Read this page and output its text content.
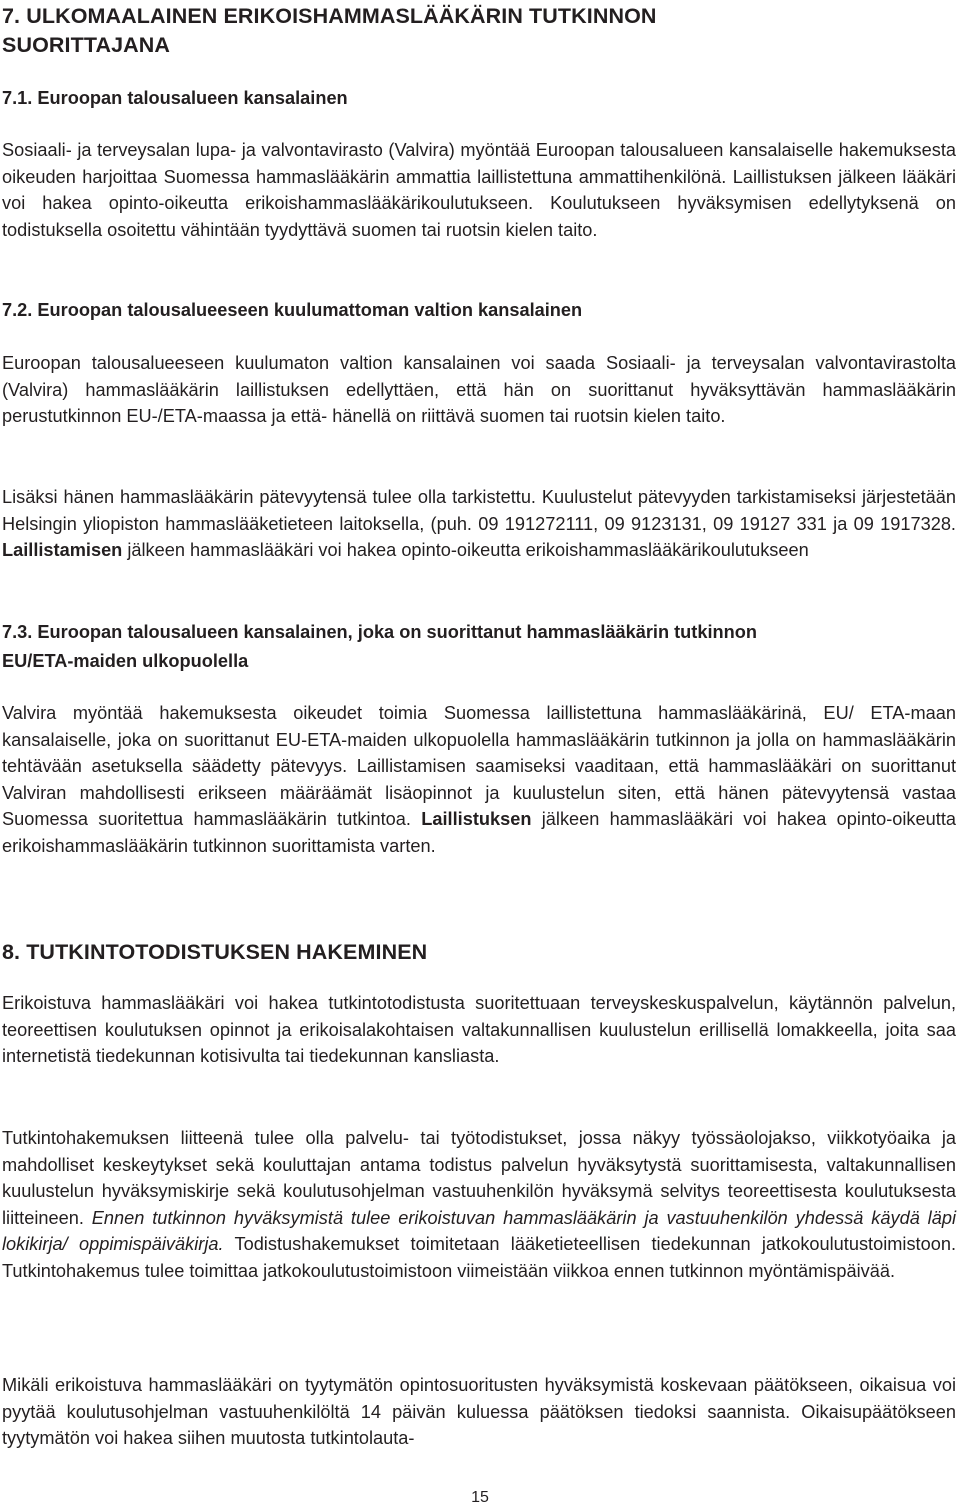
7. ULKOMAALAINEN ERIKOISHAMMASLÄÄKÄRIN TUTKINNON
SUORITTAJANA
7.1. Euroopan talousalueen kansalainen

Sosiaali- ja terveysalan lupa- ja valvontavirasto (Valvira) myöntää Euroopan talousalueen kansalaiselle hakemuksesta oikeuden harjoittaa Suomessa hammaslääkärin ammattia laillistettuna ammattihenkilönä. Laillistuksen jälkeen lääkäri voi hakea opinto-oikeutta erikoishammaslääkärikoulutukseen. Koulutukseen hyväksymisen edellytyksenä on todistuksella osoitettu vähintään tyydyttävä suomen tai ruotsin kielen taito.

7.2. Euroopan talousalueeseen kuulumattoman valtion kansalainen

Euroopan talousalueeseen kuulumaton valtion kansalainen voi saada Sosiaali- ja terveysalan valvontavirastolta (Valvira) hammaslääkärin laillistuksen edellyttäen, että hän on suorittanut hyväksyttävän hammaslääkärin perustutkinnon EU-/ETA-maassa ja että- hänellä on riittävä suomen tai ruotsin kielen taito.

Lisäksi hänen hammaslääkärin pätevyytensä tulee olla tarkistettu. Kuulustelut pätevyyden tarkistamiseksi järjestetään Helsingin yliopiston hammaslääketieteen laitoksella, (puh. 09 191272111, 09 9123131, 09 19127 331 ja 09 1917328. Laillistamisen jälkeen hammaslääkäri voi hakea opinto-oikeutta erikoishammaslääkärikoulutukseen

7.3. Euroopan talousalueen kansalainen, joka on suorittanut hammaslääkärin tutkinnon
EU/ETA-maiden ulkopuolella

Valvira myöntää hakemuksesta oikeudet toimia Suomessa laillistettuna hammaslääkärinä, EU/ ETA-maan kansalaiselle, joka on suorittanut EU-ETA-maiden ulkopuolella hammaslääkärin tutkinnon ja jolla on hammaslääkärin tehtävään asetuksella säädetty pätevyys. Laillistamisen saamiseksi vaaditaan, että hammaslääkäri on suorittanut Valviran mahdollisesti erikseen määräämät lisäopinnot ja kuulustelun siten, että hänen pätevyytensä vastaa Suomessa suoritettua hammaslääkärin tutkintoa. Laillistuksen jälkeen hammaslääkäri voi hakea opinto-oikeutta erikoishammaslääkärin tutkinnon suorittamista varten.

8. TUTKINTOTODISTUKSEN HAKEMINEN

Erikoistuva hammaslääkäri voi hakea tutkintotodistusta suoritettuaan terveyskeskuspalvelun, käytännön palvelun, teoreettisen koulutuksen opinnot ja erikoisalakohtaisen valtakunnallisen kuulustelun erillisellä lomakkeella, joita saa internetistä tiedekunnan kotisivulta tai tiedekunnan kansliasta.

Tutkintohakemuksen liitteenä tulee olla palvelu- tai työtodistukset, jossa näkyy työssäolojakso, viikkotyöaika ja mahdolliset keskeytykset sekä kouluttajan antama todistus palvelun hyväksytystä suorittamisesta, valtakunnallisen kuulustelun hyväksymiskirje sekä koulutusohjelman vastuuhenkilön hyväksymä selvitys teoreettisesta koulutuksesta liitteineen. Ennen tutkinnon hyväksymistä tulee erikoistuvan hammaslääkärin ja vastuuhenkilön yhdessä käydä läpi lokikirja/ oppimispäiväkirja. Todistushakemukset toimitetaan lääketieteellisen tiedekunnan jatkokoulutustoimistoon. Tutkintohakemus tulee toimittaa jatkokoulutustoimistoon viimeistään viikkoa ennen tutkinnon myöntämispäivää.

Mikäli erikoistuva hammaslääkäri on tyytymätön opintosuoritusten hyväksymistä koskevaan päätökseen, oikaisua voi pyytää koulutusohjelman vastuuhenkilöltä 14 päivän kuluessa päätöksen tiedoksi saannista. Oikaisupäätökseen tyytymätön voi hakea siihen muutosta tutkintolauta-

15
